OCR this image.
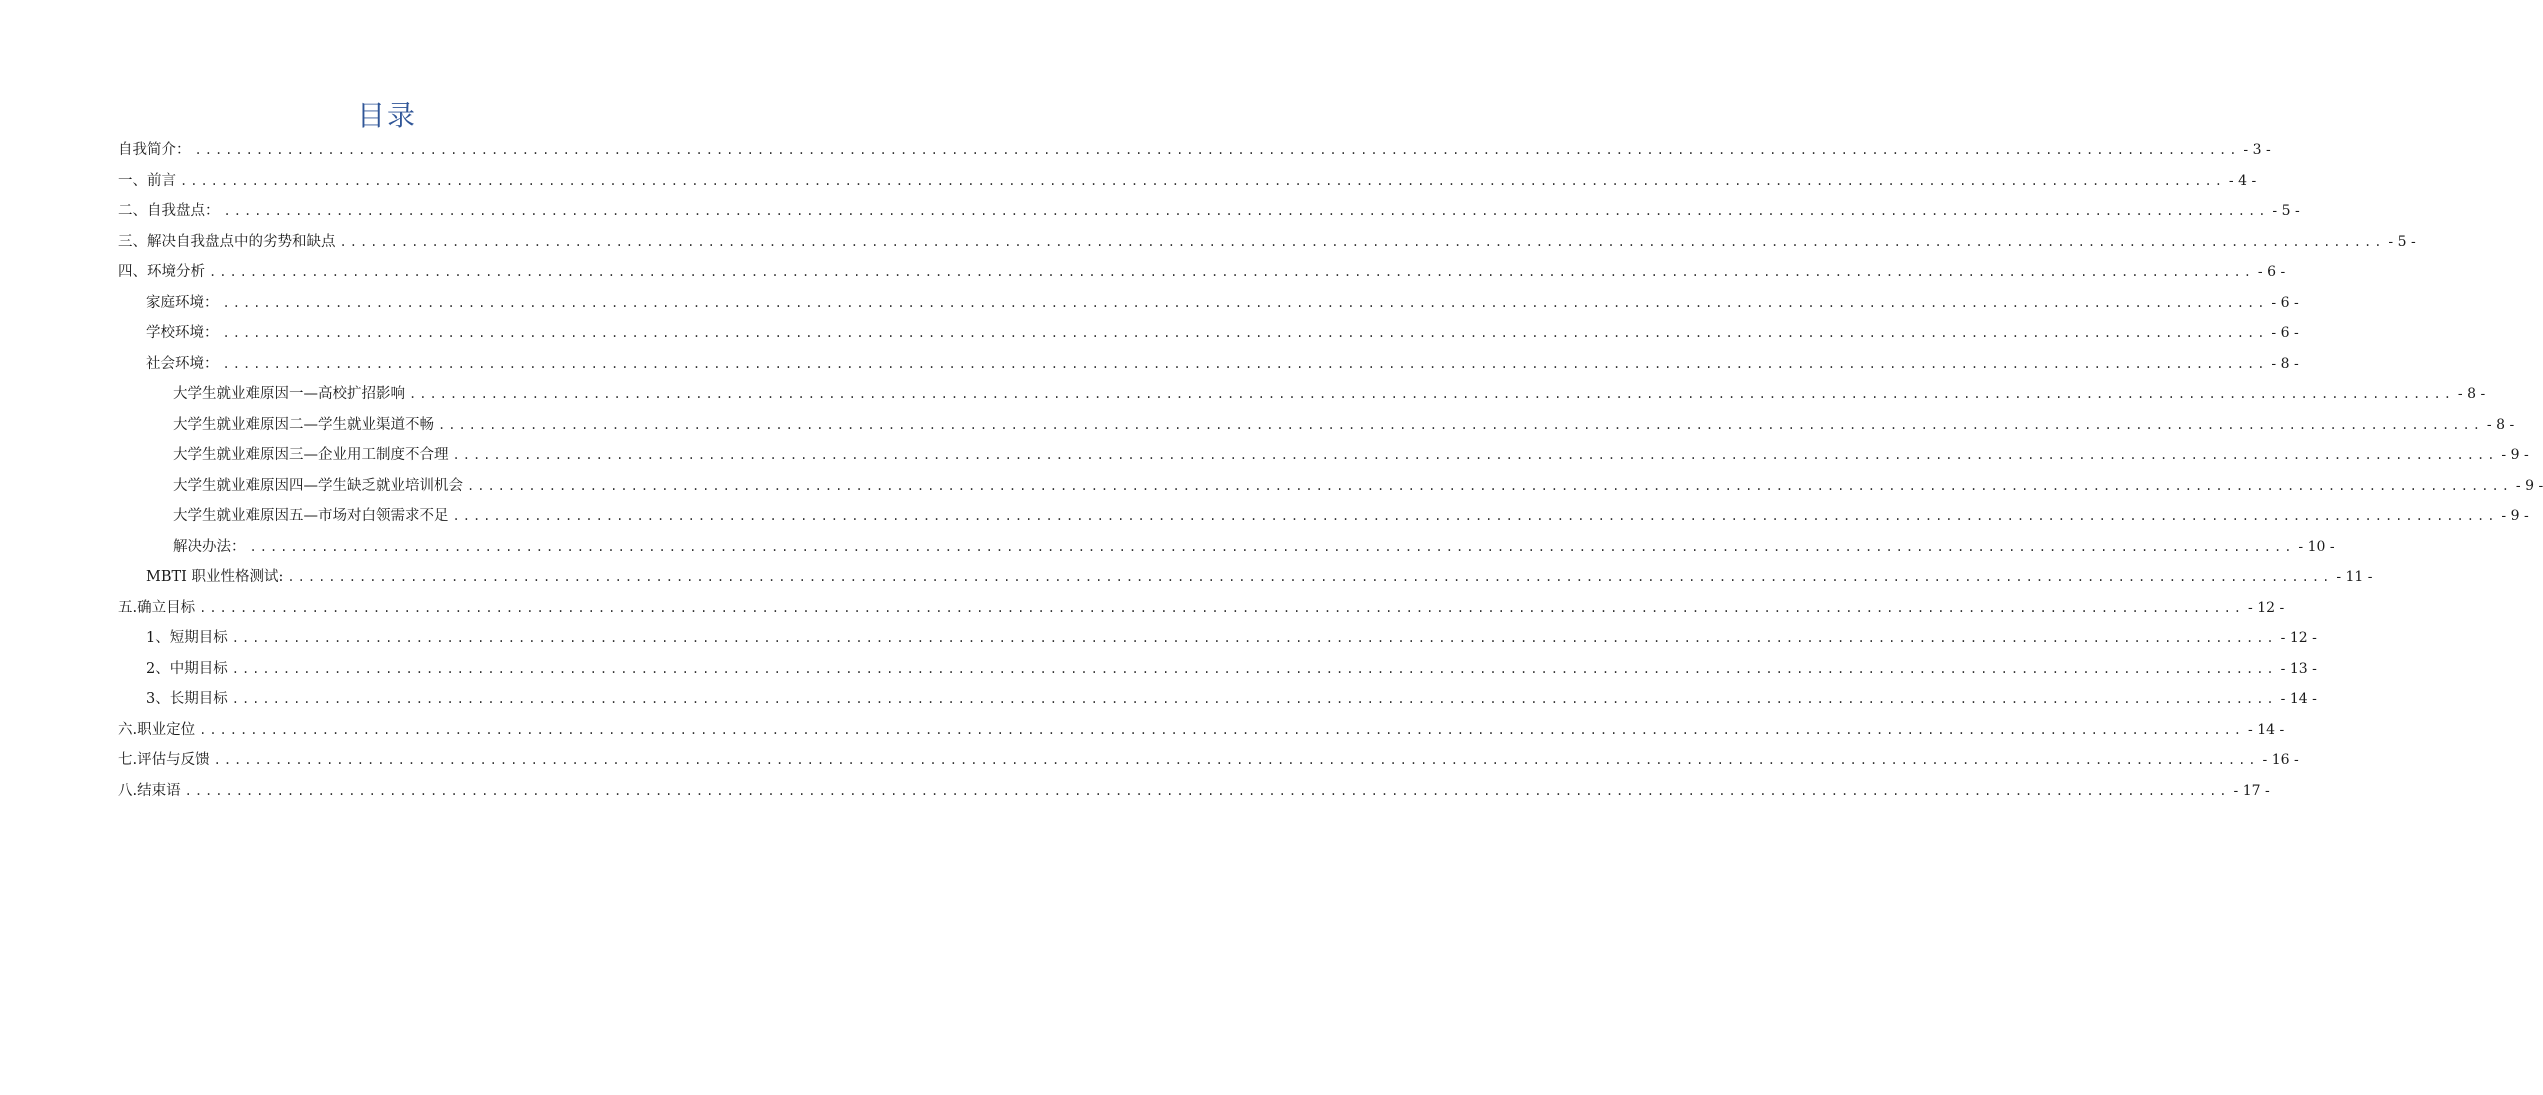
目录
自我简介： ........................................................................................................................................................................................................ - 3 -
一、前言 ........................................................................................................................................................................................................ - 4 -
二、自我盘点： ........................................................................................................................................................................................................ - 5 -
三、解决自我盘点中的劣势和缺点 ........................................................................................................................................................................................................ - 5 -
四、环境分析 ........................................................................................................................................................................................................ - 6 -
家庭环境： ........................................................................................................................................................................................................ - 6 -
学校环境： ........................................................................................................................................................................................................ - 6 -
社会环境： ........................................................................................................................................................................................................ - 8 -
大学生就业难原因一—高校扩招影响 ........................................................................................................................................................................................................ - 8 -
大学生就业难原因二—学生就业渠道不畅 ........................................................................................................................................................................................................ - 8 -
大学生就业难原因三—企业用工制度不合理 ........................................................................................................................................................................................................ - 9 -
大学生就业难原因四—学生缺乏就业培训机会 ........................................................................................................................................................................................................ - 9 -
大学生就业难原因五—市场对白领需求不足 ........................................................................................................................................................................................................ - 9 -
解决办法： ........................................................................................................................................................................................................ - 10 -
MBTI 职业性格测试: ........................................................................................................................................................................................................ - 11 -
五.确立目标 ........................................................................................................................................................................................................ - 12 -
1、短期目标 ........................................................................................................................................................................................................ - 12 -
2、中期目标 ........................................................................................................................................................................................................ - 13 -
3、长期目标 ........................................................................................................................................................................................................ - 14 -
六.职业定位 ........................................................................................................................................................................................................ - 14 -
七.评估与反馈 ........................................................................................................................................................................................................ - 16 -
八.结束语 ........................................................................................................................................................................................................ - 17 -
